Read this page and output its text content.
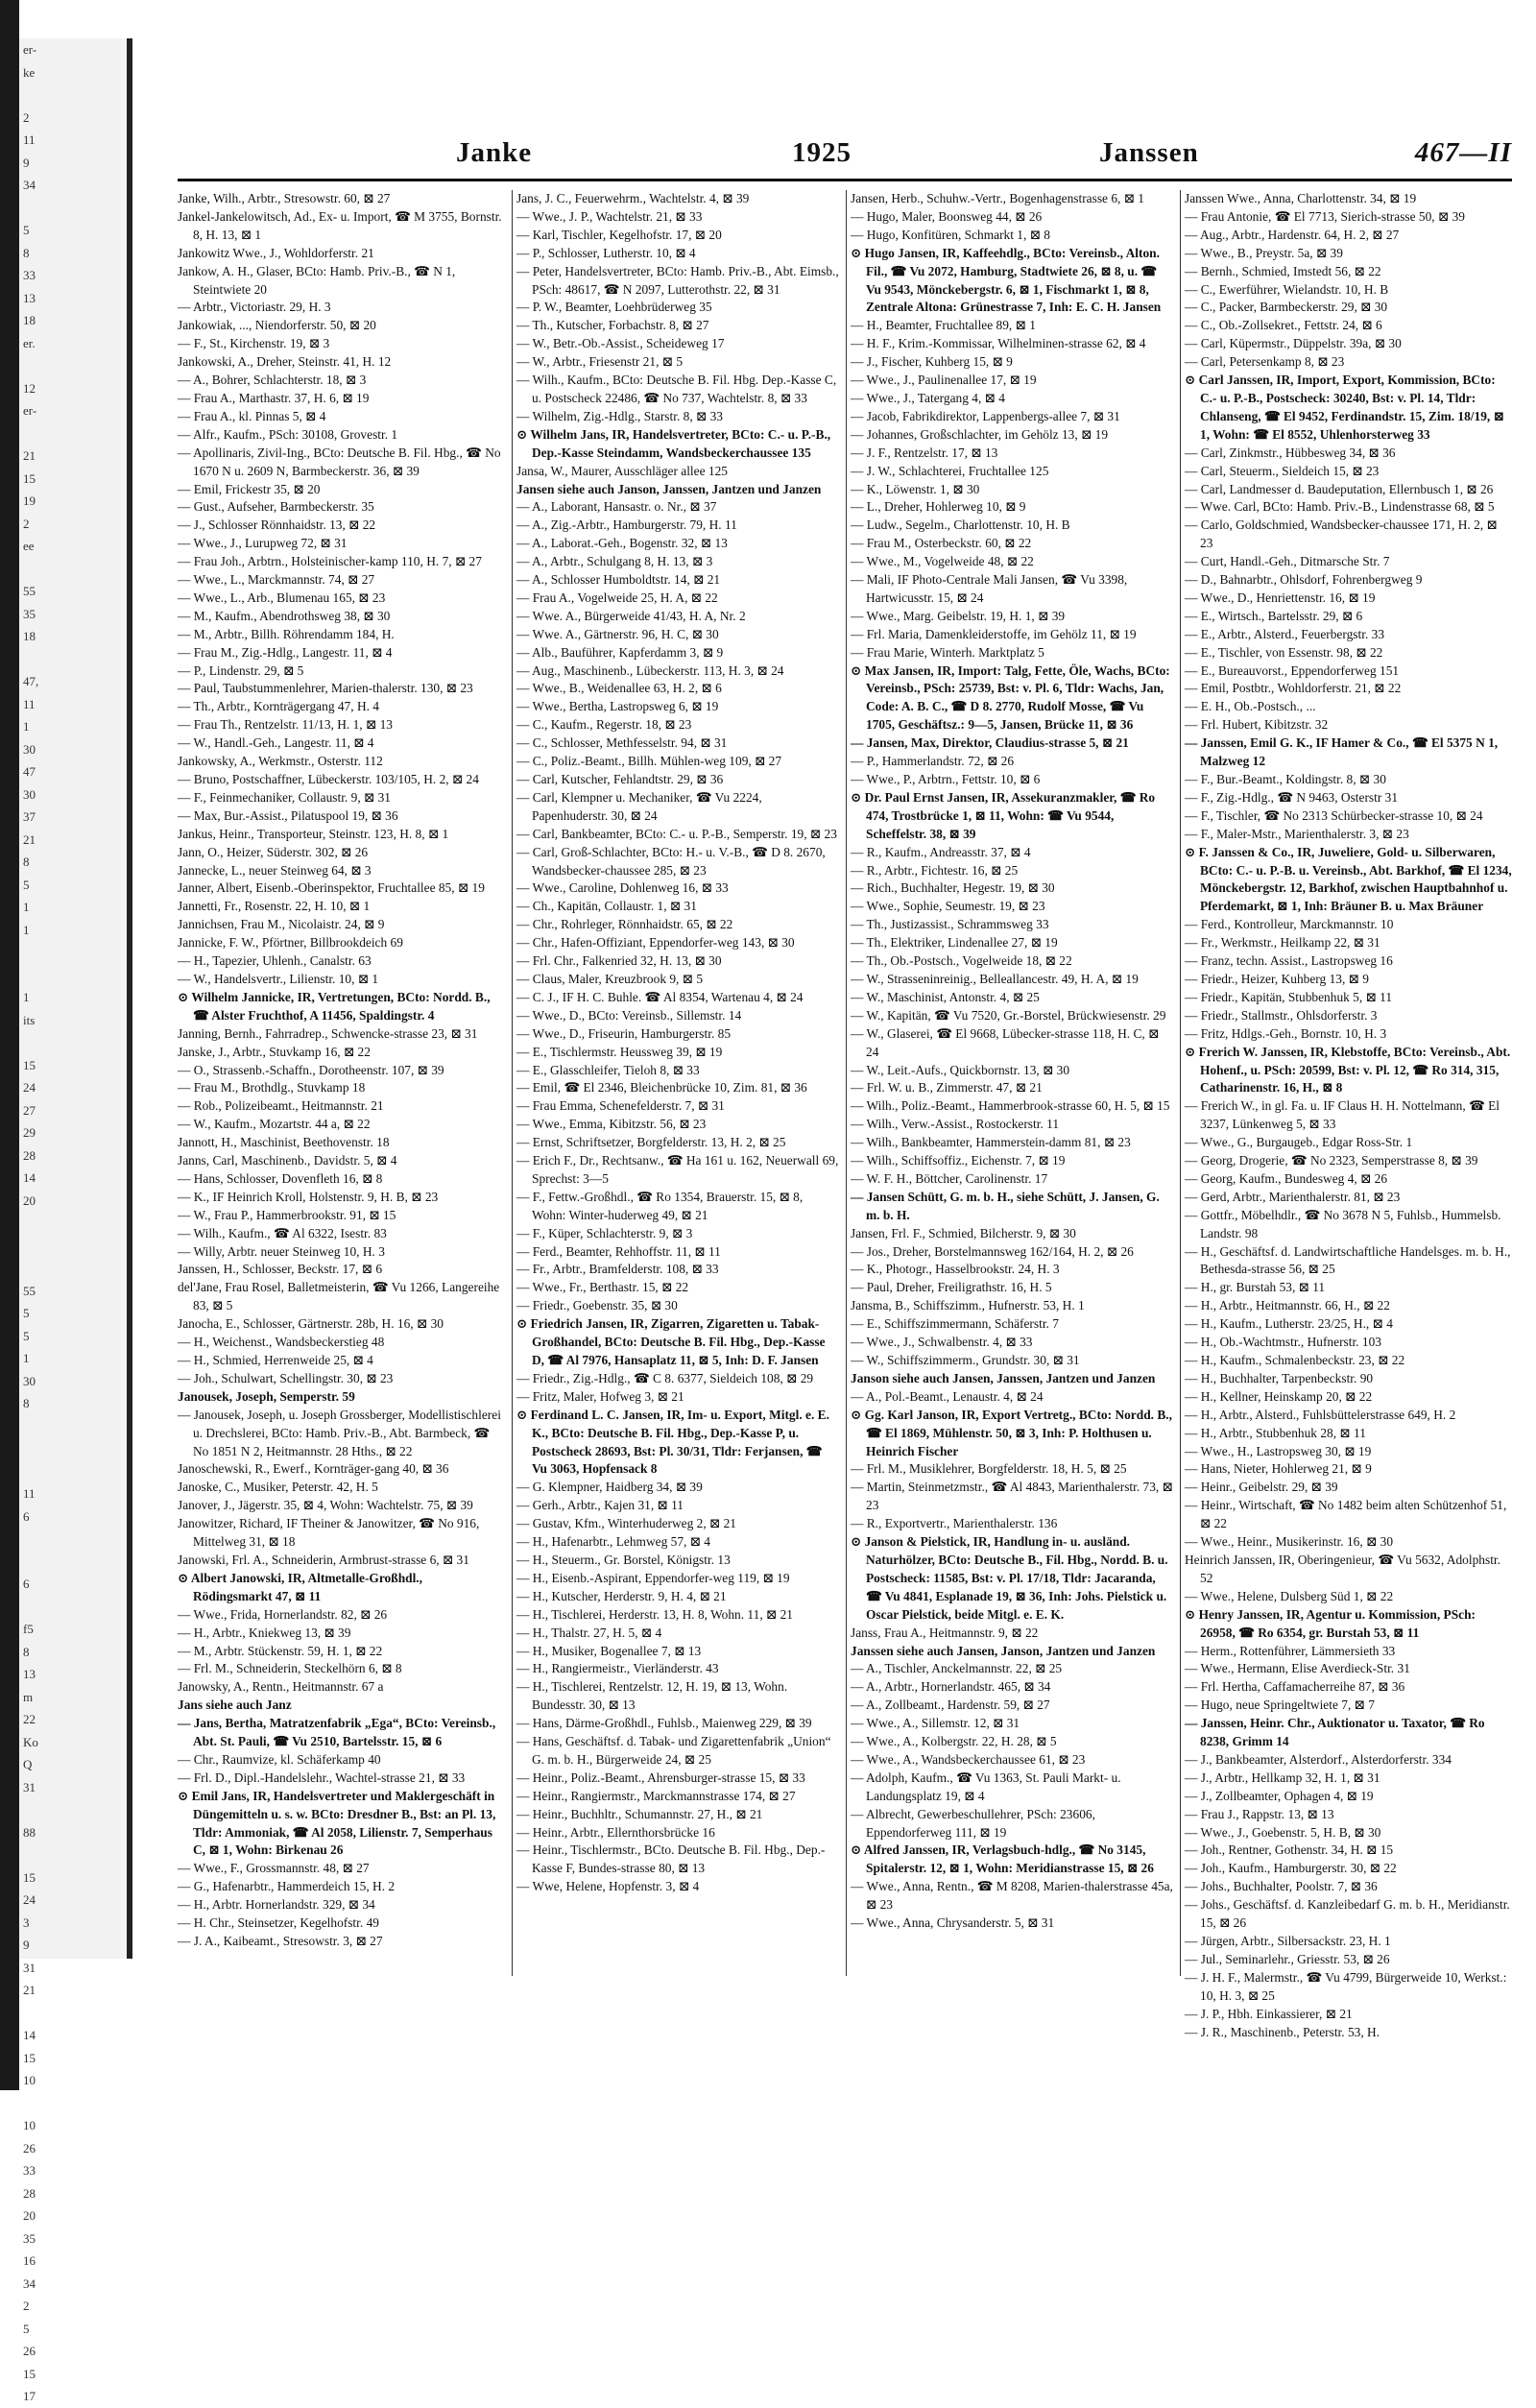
er-
ke

2
11
9
34

5
8
33
13
18
er.

12
er-

21
15
19
2
ee

55
35
18

47,
11
1
30
47
30
37
21
8
5
1
1

1
its

15
24
27
29
28
14
20

55
5
5
1
30
8

11
6

6

f5
8
13
m
22
Ko
Q
31

88

15
24
3
9
31
21

14
15
10

10
26
33
28
20
35
16
34
2
5
26
15
17
Janke	1925	Janssen	467—II

Janke, Wilh., Arbtr., Stresowstr. 60, ⊠ 27

Jankel-Jankelowitsch, Ad., Ex- u. Import, ☎ M 3755, Bornstr. 8, H. 13, ⊠ 1

Jankowitz Wwe., J., Wohldorferstr. 21

Jankow, A. H., Glaser, BCto: Hamb. Priv.-B., ☎ N 1, Steintwiete 20

— Arbtr., Victoriastr. 29, H. 3

Jankowiak, ..., Niendorferstr. 50, ⊠ 20

— F., St., Kirchenstr. 19, ⊠ 3

Jankowski, A., Dreher, Steinstr. 41, H. 12

— A., Bohrer, Schlachterstr. 18, ⊠ 3

— Frau A., Marthastr. 37, H. 6, ⊠ 19

— Frau A., kl. Pinnas 5, ⊠ 4

— Alfr., Kaufm., PSch: 30108, Grovestr. 1

— Apollinaris, Zivil-Ing., BCto: Deutsche B. Fil. Hbg., ☎ No 1670 N u. 2609 N, Barmbeckerstr. 36, ⊠ 39

— Emil, Frickestr 35, ⊠ 20

— Gust., Aufseher, Barmbeckerstr. 35

— J., Schlosser Rönnhaidstr. 13, ⊠ 22

— Wwe., J., Lurupweg 72, ⊠ 31

— Frau Joh., Arbtrn., Holsteinischer-kamp 110, H. 7, ⊠ 27

— Wwe., L., Marckmannstr. 74, ⊠ 27

— Wwe., L., Arb., Blumenau 165, ⊠ 23

— M., Kaufm., Abendrothsweg 38, ⊠ 30

— M., Arbtr., Billh. Röhrendamm 184, H.

— Frau M., Zig.-Hdlg., Langestr. 11, ⊠ 4

— P., Lindenstr. 29, ⊠ 5

— Paul, Taubstummenlehrer, Marien-thalerstr. 130, ⊠ 23

— Th., Arbtr., Kornträgergang 47, H. 4

— Frau Th., Rentzelstr. 11/13, H. 1, ⊠ 13

— W., Handl.-Geh., Langestr. 11, ⊠ 4

Jankowsky, A., Werkmstr., Osterstr. 112

— Bruno, Postschaffner, Lübeckerstr. 103/105, H. 2, ⊠ 24

— F., Feinmechaniker, Collaustr. 9, ⊠ 31

— Max, Bur.-Assist., Pilatuspool 19, ⊠ 36

Jankus, Heinr., Transporteur, Steinstr. 123, H. 8, ⊠ 1

Jann, O., Heizer, Süderstr. 302, ⊠ 26

Jannecke, L., neuer Steinweg 64, ⊠ 3

Janner, Albert, Eisenb.-Oberinspektor, Fruchtallee 85, ⊠ 19

Jannetti, Fr., Rosenstr. 22, H. 10, ⊠ 1

Jannichsen, Frau M., Nicolaistr. 24, ⊠ 9

Jannicke, F. W., Pförtner, Billbrookdeich 69

— H., Tapezier, Uhlenh., Canalstr. 63

— W., Handelsvertr., Lilienstr. 10, ⊠ 1

⊙ Wilhelm Jannicke, IR, Vertretungen, BCto: Nordd. B., ☎ Alster Fruchthof, A 11456, Spaldingstr. 4

Janning, Bernh., Fahrradrep., Schwencke-strasse 23, ⊠ 31

Janske, J., Arbtr., Stuvkamp 16, ⊠ 22

— O., Strassenb.-Schaffn., Dorotheenstr. 107, ⊠ 39

— Frau M., Brothdlg., Stuvkamp 18

— Rob., Polizeibeamt., Heitmannstr. 21

— W., Kaufm., Mozartstr. 44 a, ⊠ 22

Jannott, H., Maschinist, Beethovenstr. 18

Janns, Carl, Maschinenb., Davidstr. 5, ⊠ 4

— Hans, Schlosser, Dovenfleth 16, ⊠ 8

— K., IF Heinrich Kroll, Holstenstr. 9, H. B, ⊠ 23

— W., Frau P., Hammerbrookstr. 91, ⊠ 15

— Wilh., Kaufm., ☎ Al 6322, Isestr. 83

— Willy, Arbtr. neuer Steinweg 10, H. 3

Janssen, H., Schlosser, Beckstr. 17, ⊠ 6

del'Jane, Frau Rosel, Balletmeisterin, ☎ Vu 1266, Langereihe 83, ⊠ 5

Janocha, E., Schlosser, Gärtnerstr. 28b, H. 16, ⊠ 30

— H., Weichenst., Wandsbeckerstieg 48

— H., Schmied, Herrenweide 25, ⊠ 4

— Joh., Schulwart, Schellingstr. 30, ⊠ 23

Janousek, Joseph, Semperstr. 59

— Janousek, Joseph, u. Joseph Grossberger, Modellistischlerei u. Drechslerei, BCto: Hamb. Priv.-B., Abt. Barmbeck, ☎ No 1851 N 2, Heitmannstr. 28 Hths., ⊠ 22

Janoschewski, R., Ewerf., Kornträger-gang 40, ⊠ 36

Janoske, C., Musiker, Peterstr. 42, H. 5

Janover, J., Jägerstr. 35, ⊠ 4, Wohn: Wachtelstr. 75, ⊠ 39

Janowitzer, Richard, IF Theiner & Janowitzer, ☎ No 916, Mittelweg 31, ⊠ 18

Janowski, Frl. A., Schneiderin, Armbrust-strasse 6, ⊠ 31

⊙ Albert Janowski, IR, Altmetalle-Großhdl., Rödingsmarkt 47, ⊠ 11

— Wwe., Frida, Hornerlandstr. 82, ⊠ 26

— H., Arbtr., Kniekweg 13, ⊠ 39

— M., Arbtr. Stückenstr. 59, H. 1, ⊠ 22

— Frl. M., Schneiderin, Steckelhörn 6, ⊠ 8

Janowsky, A., Rentn., Heitmannstr. 67 a

Jans siehe auch Janz

— Jans, Bertha, Matratzenfabrik „Ega“, BCto: Vereinsb., Abt. St. Pauli, ☎ Vu 2510, Bartelsstr. 15, ⊠ 6

— Chr., Raumvize, kl. Schäferkamp 40

— Frl. D., Dipl.-Handelslehr., Wachtel-strasse 21, ⊠ 33

⊙ Emil Jans, IR, Handelsvertreter und Maklergeschäft in Düngemitteln u. s. w. BCto: Dresdner B., Bst: an Pl. 13, Tldr: Ammoniak, ☎ Al 2058, Lilienstr. 7, Semperhaus C, ⊠ 1, Wohn: Birkenau 26

— Wwe., F., Grossmannstr. 48, ⊠ 27

— G., Hafenarbtr., Hammerdeich 15, H. 2

— H., Arbtr. Hornerlandstr. 329, ⊠ 34

— H. Chr., Steinsetzer, Kegelhofstr. 49

— J. A., Kaibeamt., Stresowstr. 3, ⊠ 27

Jans, J. C., Feuerwehrm., Wachtelstr. 4, ⊠ 39

— Wwe., J. P., Wachtelstr. 21, ⊠ 33

— Karl, Tischler, Kegelhofstr. 17, ⊠ 20

— P., Schlosser, Lutherstr. 10, ⊠ 4

— Peter, Handelsvertreter, BCto: Hamb. Priv.-B., Abt. Eimsb., PSch: 48617, ☎ N 2097, Lutterothstr. 22, ⊠ 31

— P. W., Beamter, Loehbrüderweg 35

— Th., Kutscher, Forbachstr. 8, ⊠ 27

— W., Betr.-Ob.-Assist., Scheideweg 17

— W., Arbtr., Friesenstr 21, ⊠ 5

— Wilh., Kaufm., BCto: Deutsche B. Fil. Hbg. Dep.-Kasse C, u. Postscheck 22486, ☎ No 737, Wachtelstr. 8, ⊠ 33

— Wilhelm, Zig.-Hdlg., Starstr. 8, ⊠ 33

⊙ Wilhelm Jans, IR, Handelsvertreter, BCto: C.- u. P.-B., Dep.-Kasse Steindamm, Wandsbeckerchaussee 135

Jansa, W., Maurer, Ausschläger allee 125

Jansen siehe auch Janson, Janssen, Jantzen und Janzen

— A., Laborant, Hansastr. o. Nr., ⊠ 37

— A., Zig.-Arbtr., Hamburgerstr. 79, H. 11

— A., Laborat.-Geh., Bogenstr. 32, ⊠ 13

— A., Arbtr., Schulgang 8, H. 13, ⊠ 3

— A., Schlosser Humboldtstr. 14, ⊠ 21

— Frau A., Vogelweide 25, H. A, ⊠ 22

— Wwe. A., Bürgerweide 41/43, H. A, Nr. 2

— Wwe. A., Gärtnerstr. 96, H. C, ⊠ 30

— Alb., Bauführer, Kapferdamm 3, ⊠ 9

— Aug., Maschinenb., Lübeckerstr. 113, H. 3, ⊠ 24

— Wwe., B., Weidenallee 63, H. 2, ⊠ 6

— Wwe., Bertha, Lastropsweg 6, ⊠ 19

— C., Kaufm., Regerstr. 18, ⊠ 23

— C., Schlosser, Methfesselstr. 94, ⊠ 31

— C., Poliz.-Beamt., Billh. Mühlen-weg 109, ⊠ 27

— Carl, Kutscher, Fehlandtstr. 29, ⊠ 36

— Carl, Klempner u. Mechaniker, ☎ Vu 2224, Papenhuderstr. 30, ⊠ 24

— Carl, Bankbeamter, BCto: C.- u. P.-B., Semperstr. 19, ⊠ 23

— Carl, Groß-Schlachter, BCto: H.- u. V.-B., ☎ D 8. 2670, Wandsbecker-chaussee 285, ⊠ 23

— Wwe., Caroline, Dohlenweg 16, ⊠ 33

— Ch., Kapitän, Collaustr. 1, ⊠ 31

— Chr., Rohrleger, Rönnhaidstr. 65, ⊠ 22

— Chr., Hafen-Offiziant, Eppendorfer-weg 143, ⊠ 30

— Frl. Chr., Falkenried 32, H. 13, ⊠ 30

— Claus, Maler, Kreuzbrook 9, ⊠ 5

— C. J., IF H. C. Buhle. ☎ Al 8354, Wartenau 4, ⊠ 24

— Wwe., D., BCto: Vereinsb., Sillemstr. 14

— Wwe., D., Friseurin, Hamburgerstr. 85

— E., Tischlermstr. Heussweg 39, ⊠ 19

— E., Glasschleifer, Tieloh 8, ⊠ 33

— Emil, ☎ El 2346, Bleichenbrücke 10, Zim. 81, ⊠ 36

— Frau Emma, Schenefelderstr. 7, ⊠ 31

— Wwe., Emma, Kibitzstr. 56, ⊠ 23

— Ernst, Schriftsetzer, Borgfelderstr. 13, H. 2, ⊠ 25

— Erich F., Dr., Rechtsanw., ☎ Ha 161 u. 162, Neuerwall 69, Sprechst: 3—5

— F., Fettw.-Großhdl., ☎ Ro 1354, Brauerstr. 15, ⊠ 8, Wohn: Winter-huderweg 49, ⊠ 21

— F., Küper, Schlachterstr. 9, ⊠ 3

— Ferd., Beamter, Rehhoffstr. 11, ⊠ 11

— Fr., Arbtr., Bramfelderstr. 108, ⊠ 33

— Wwe., Fr., Berthastr. 15, ⊠ 22

— Friedr., Goebenstr. 35, ⊠ 30

⊙ Friedrich Jansen, IR, Zigarren, Zigaretten u. Tabak-Großhandel, BCto: Deutsche B. Fil. Hbg., Dep.-Kasse D, ☎ Al 7976, Hansaplatz 11, ⊠ 5, Inh: D. F. Jansen

— Friedr., Zig.-Hdlg., ☎ C 8. 6377, Sieldeich 108, ⊠ 29

— Fritz, Maler, Hofweg 3, ⊠ 21

⊙ Ferdinand L. C. Jansen, IR, Im- u. Export, Mitgl. e. E. K., BCto: Deutsche B. Fil. Hbg., Dep.-Kasse P, u. Postscheck 28693, Bst: Pl. 30/31, Tldr: Ferjansen, ☎ Vu 3063, Hopfensack 8

— G. Klempner, Haidberg 34, ⊠ 39

— Gerh., Arbtr., Kajen 31, ⊠ 11

— Gustav, Kfm., Winterhuderweg 2, ⊠ 21

— H., Hafenarbtr., Lehmweg 57, ⊠ 4

— H., Steuerm., Gr. Borstel, Königstr. 13

— H., Eisenb.-Aspirant, Eppendorfer-weg 119, ⊠ 19

— H., Kutscher, Herderstr. 9, H. 4, ⊠ 21

— H., Tischlerei, Herderstr. 13, H. 8, Wohn. 11, ⊠ 21

— H., Thalstr. 27, H. 5, ⊠ 4

— H., Musiker, Bogenallee 7, ⊠ 13

— H., Rangiermeistr., Vierländerstr. 43

— H., Tischlerei, Rentzelstr. 12, H. 19, ⊠ 13, Wohn. Bundesstr. 30, ⊠ 13

— Hans, Därme-Großhdl., Fuhlsb., Maienweg 229, ⊠ 39

— Hans, Geschäftsf. d. Tabak- und Zigarettenfabrik „Union“ G. m. b. H., Bürgerweide 24, ⊠ 25

— Heinr., Poliz.-Beamt., Ahrensburger-strasse 15, ⊠ 33

— Heinr., Rangiermstr., Marckmannstrasse 174, ⊠ 27

— Heinr., Buchhltr., Schumannstr. 27, H., ⊠ 21

— Heinr., Arbtr., Ellernthorsbrücke 16

— Heinr., Tischlermstr., BCto. Deutsche B. Fil. Hbg., Dep.-Kasse F, Bundes-strasse 80, ⊠ 13

— Wwe, Helene, Hopfenstr. 3, ⊠ 4

Jansen, Herb., Schuhw.-Vertr., Bogenhagenstrasse 6, ⊠ 1

— Hugo, Maler, Boonsweg 44, ⊠ 26

— Hugo, Konfitüren, Schmarkt 1, ⊠ 8

⊙ Hugo Jansen, IR, Kaffeehdlg., BCto: Vereinsb., Alton. Fil., ☎ Vu 2072, Hamburg, Stadtwiete 26, ⊠ 8, u. ☎ Vu 9543, Mönckebergstr. 6, ⊠ 1, Fischmarkt 1, ⊠ 8, Zentrale Altona: Grünestrasse 7, Inh: E. C. H. Jansen

— H., Beamter, Fruchtallee 89, ⊠ 1

— H. F., Krim.-Kommissar, Wilhelminen-strasse 62, ⊠ 4

— J., Fischer, Kuhberg 15, ⊠ 9

— Wwe., J., Paulinenallee 17, ⊠ 19

— Wwe., J., Tatergang 4, ⊠ 4

— Jacob, Fabrikdirektor, Lappenbergs-allee 7, ⊠ 31

— Johannes, Großschlachter, im Gehölz 13, ⊠ 19

— J. F., Rentzelstr. 17, ⊠ 13

— J. W., Schlachterei, Fruchtallee 125

— K., Löwenstr. 1, ⊠ 30

— L., Dreher, Hohlerweg 10, ⊠ 9

— Ludw., Segelm., Charlottenstr. 10, H. B

— Frau M., Osterbeckstr. 60, ⊠ 22

— Wwe., M., Vogelweide 48, ⊠ 22

— Mali, IF Photo-Centrale Mali Jansen, ☎ Vu 3398, Hartwicusstr. 15, ⊠ 24

— Wwe., Marg. Geibelstr. 19, H. 1, ⊠ 39

— Frl. Maria, Damenkleiderstoffe, im Gehölz 11, ⊠ 19

— Frau Marie, Winterh. Marktplatz 5

⊙ Max Jansen, IR, Import: Talg, Fette, Öle, Wachs, BCto: Vereinsb., PSch: 25739, Bst: v. Pl. 6, Tldr: Wachs, Jan, Code: A. B. C., ☎ D 8. 2770, Rudolf Mosse, ☎ Vu 1705, Geschäftsz.: 9—5, Jansen, Brücke 11, ⊠ 36

— Jansen, Max, Direktor, Claudius-strasse 5, ⊠ 21

— P., Hammerlandstr. 72, ⊠ 26

— Wwe., P., Arbtrn., Fettstr. 10, ⊠ 6

⊙ Dr. Paul Ernst Jansen, IR, Assekuranzmakler, ☎ Ro 474, Trostbrücke 1, ⊠ 11, Wohn: ☎ Vu 9544, Scheffelstr. 38, ⊠ 39

— R., Kaufm., Andreasstr. 37, ⊠ 4

— R., Arbtr., Fichtestr. 16, ⊠ 25

— Rich., Buchhalter, Hegestr. 19, ⊠ 30

— Wwe., Sophie, Seumestr. 19, ⊠ 23

— Th., Justizassist., Schrammsweg 33

— Th., Elektriker, Lindenallee 27, ⊠ 19

— Th., Ob.-Postsch., Vogelweide 18, ⊠ 22

— W., Strasseninreinig., Belleallancestr. 49, H. A, ⊠ 19

— W., Maschinist, Antonstr. 4, ⊠ 25

— W., Kapitän, ☎ Vu 7520, Gr.-Borstel, Brückwiesenstr. 29

— W., Glaserei, ☎ El 9668, Lübecker-strasse 118, H. C, ⊠ 24

— W., Leit.-Aufs., Quickbornstr. 13, ⊠ 30

— Frl. W. u. B., Zimmerstr. 47, ⊠ 21

— Wilh., Poliz.-Beamt., Hammerbrook-strasse 60, H. 5, ⊠ 15

— Wilh., Verw.-Assist., Rostockerstr. 11

— Wilh., Bankbeamter, Hammerstein-damm 81, ⊠ 23

— Wilh., Schiffsoffiz., Eichenstr. 7, ⊠ 19

— W. F. H., Böttcher, Carolinenstr. 17

— Jansen Schütt, G. m. b. H., siehe Schütt, J. Jansen, G. m. b. H.

Jansen, Frl. F., Schmied, Bilcherstr. 9, ⊠ 30

— Jos., Dreher, Borstelmannsweg 162/164, H. 2, ⊠ 26

— K., Photogr., Hasselbrookstr. 24, H. 3

— Paul, Dreher, Freiligrathstr. 16, H. 5

Jansma, B., Schiffszimm., Hufnerstr. 53, H. 1

— E., Schiffszimmermann, Schäferstr. 7

— Wwe., J., Schwalbenstr. 4, ⊠ 33

— W., Schiffszimmerm., Grundstr. 30, ⊠ 31

Janson siehe auch Jansen, Janssen, Jantzen und Janzen

— A., Pol.-Beamt., Lenaustr. 4, ⊠ 24

⊙ Gg. Karl Janson, IR, Export Vertretg., BCto: Nordd. B., ☎ El 1869, Mühlenstr. 50, ⊠ 3, Inh: P. Holthusen u. Heinrich Fischer

— Frl. M., Musiklehrer, Borgfelderstr. 18, H. 5, ⊠ 25

— Martin, Steinmetzmstr., ☎ Al 4843, Marienthalerstr. 73, ⊠ 23

— R., Exportvertr., Marienthalerstr. 136

⊙ Janson & Pielstick, IR, Handlung in- u. ausländ. Naturhölzer, BCto: Deutsche B., Fil. Hbg., Nordd. B. u. Postscheck: 11585, Bst: v. Pl. 17/18, Tldr: Jacaranda, ☎ Vu 4841, Esplanade 19, ⊠ 36, Inh: Johs. Pielstick u. Oscar Pielstick, beide Mitgl. e. E. K.

Janss, Frau A., Heitmannstr. 9, ⊠ 22

Janssen siehe auch Jansen, Janson, Jantzen und Janzen

— A., Tischler, Anckelmannstr. 22, ⊠ 25

— A., Arbtr., Hornerlandstr. 465, ⊠ 34

— A., Zollbeamt., Hardenstr. 59, ⊠ 27

— Wwe., A., Sillemstr. 12, ⊠ 31

— Wwe., A., Kolbergstr. 22, H. 28, ⊠ 5

— Wwe., A., Wandsbeckerchaussee 61, ⊠ 23

— Adolph, Kaufm., ☎ Vu 1363, St. Pauli Markt- u. Landungsplatz 19, ⊠ 4

— Albrecht, Gewerbeschullehrer, PSch: 23606, Eppendorferweg 111, ⊠ 19

⊙ Alfred Janssen, IR, Verlagsbuch-hdlg., ☎ No 3145, Spitalerstr. 12, ⊠ 1, Wohn: Meridianstrasse 15, ⊠ 26

— Wwe., Anna, Rentn., ☎ M 8208, Marien-thalerstrasse 45a, ⊠ 23

— Wwe., Anna, Chrysanderstr. 5, ⊠ 31

Janssen Wwe., Anna, Charlottenstr. 34, ⊠ 19

— Frau Antonie, ☎ El 7713, Sierich-strasse 50, ⊠ 39

— Aug., Arbtr., Hardenstr. 64, H. 2, ⊠ 27

— Wwe., B., Preystr. 5a, ⊠ 39

— Bernh., Schmied, Imstedt 56, ⊠ 22

— C., Ewerführer, Wielandstr. 10, H. B

— C., Packer, Barmbeckerstr. 29, ⊠ 30

— C., Ob.-Zollsekret., Fettstr. 24, ⊠ 6

— Carl, Küpermstr., Düppelstr. 39a, ⊠ 30

— Carl, Petersenkamp 8, ⊠ 23

⊙ Carl Janssen, IR, Import, Export, Kommission, BCto: C.- u. P.-B., Postscheck: 30240, Bst: v. Pl. 14, Tldr: Chlanseng, ☎ El 9452, Ferdinandstr. 15, Zim. 18/19, ⊠ 1, Wohn: ☎ El 8552, Uhlenhorsterweg 33

— Carl, Zinkmstr., Hübbesweg 34, ⊠ 36

— Carl, Steuerm., Sieldeich 15, ⊠ 23

— Carl, Landmesser d. Baudeputation, Ellernbusch 1, ⊠ 26

— Wwe. Carl, BCto: Hamb. Priv.-B., Lindenstrasse 68, ⊠ 5

— Carlo, Goldschmied, Wandsbecker-chaussee 171, H. 2, ⊠ 23

— Curt, Handl.-Geh., Ditmarsche Str. 7

— D., Bahnarbtr., Ohlsdorf, Fohrenbergweg 9

— Wwe., D., Henriettenstr. 16, ⊠ 19

— E., Wirtsch., Bartelsstr. 29, ⊠ 6

— E., Arbtr., Alsterd., Feuerbergstr. 33

— E., Tischler, von Essenstr. 98, ⊠ 22

— E., Bureauvorst., Eppendorferweg 151

— Emil, Postbtr., Wohldorferstr. 21, ⊠ 22

— E. H., Ob.-Postsch., ...

— Frl. Hubert, Kibitzstr. 32

— Janssen, Emil G. K., IF Hamer & Co., ☎ El 5375 N 1, Malzweg 12

— F., Bur.-Beamt., Koldingstr. 8, ⊠ 30

— F., Zig.-Hdlg., ☎ N 9463, Osterstr 31

— F., Tischler, ☎ No 2313 Schürbecker-strasse 10, ⊠ 24

— F., Maler-Mstr., Marienthalerstr. 3, ⊠ 23

⊙ F. Janssen & Co., IR, Juweliere, Gold- u. Silberwaren, BCto: C.- u. P.-B. u. Vereinsb., Abt. Barkhof, ☎ El 1234, Mönckebergstr. 12, Barkhof, zwischen Hauptbahnhof u. Pferdemarkt, ⊠ 1, Inh: Bräuner B. u. Max Bräuner

— Ferd., Kontrolleur, Marckmannstr. 10

— Fr., Werkmstr., Heilkamp 22, ⊠ 31

— Franz, techn. Assist., Lastropsweg 16

— Friedr., Heizer, Kuhberg 13, ⊠ 9

— Friedr., Kapitän, Stubbenhuk 5, ⊠ 11

— Friedr., Stallmstr., Ohlsdorferstr. 3

— Fritz, Hdlgs.-Geh., Bornstr. 10, H. 3

⊙ Frerich W. Janssen, IR, Klebstoffe, BCto: Vereinsb., Abt. Hohenf., u. PSch: 20599, Bst: v. Pl. 12, ☎ Ro 314, 315, Catharinenstr. 16, H., ⊠ 8

— Frerich W., in gl. Fa. u. IF Claus H. H. Nottelmann, ☎ El 3237, Lünkenweg 5, ⊠ 33

— Wwe., G., Burgaugeb., Edgar Ross-Str. 1

— Georg, Drogerie, ☎ No 2323, Semperstrasse 8, ⊠ 39

— Georg, Kaufm., Bundesweg 4, ⊠ 26

— Gerd, Arbtr., Marienthalerstr. 81, ⊠ 23

— Gottfr., Möbelhdlr., ☎ No 3678 N 5, Fuhlsb., Hummelsb. Landstr. 98

— H., Geschäftsf. d. Landwirtschaftliche Handelsges. m. b. H., Bethesda-strasse 56, ⊠ 25

— H., gr. Burstah 53, ⊠ 11

— H., Arbtr., Heitmannstr. 66, H., ⊠ 22

— H., Kaufm., Lutherstr. 23/25, H., ⊠ 4

— H., Ob.-Wachtmstr., Hufnerstr. 103

— H., Kaufm., Schmalenbeckstr. 23, ⊠ 22

— H., Buchhalter, Tarpenbeckstr. 90

— H., Kellner, Heinskamp 20, ⊠ 22

— H., Arbtr., Alsterd., Fuhlsbüttelerstrasse 649, H. 2

— H., Arbtr., Stubbenhuk 28, ⊠ 11

— Wwe., H., Lastropsweg 30, ⊠ 19

— Hans, Nieter, Hohlerweg 21, ⊠ 9

— Heinr., Geibelstr. 29, ⊠ 39

— Heinr., Wirtschaft, ☎ No 1482 beim alten Schützenhof 51, ⊠ 22

— Wwe., Heinr., Musikerinstr. 16, ⊠ 30

Heinrich Janssen, IR, Oberingenieur, ☎ Vu 5632, Adolphstr. 52

— Wwe., Helene, Dulsberg Süd 1, ⊠ 22

⊙ Henry Janssen, IR, Agentur u. Kommission, PSch: 26958, ☎ Ro 6354, gr. Burstah 53, ⊠ 11

— Herm., Rottenführer, Lämmersieth 33

— Wwe., Hermann, Elise Averdieck-Str. 31

— Frl. Hertha, Caffamacherreihe 87, ⊠ 36

— Hugo, neue Springeltwiete 7, ⊠ 7

— Janssen, Heinr. Chr., Auktionator u. Taxator, ☎ Ro 8238, Grimm 14

— J., Bankbeamter, Alsterdorf., Alsterdorferstr. 334

— J., Arbtr., Hellkamp 32, H. 1, ⊠ 31

— J., Zollbeamter, Ophagen 4, ⊠ 19

— Frau J., Rappstr. 13, ⊠ 13

— Wwe., J., Goebenstr. 5, H. B, ⊠ 30

— Joh., Rentner, Gothenstr. 34, H. ⊠ 15

— Joh., Kaufm., Hamburgerstr. 30, ⊠ 22

— Johs., Buchhalter, Poolstr. 7, ⊠ 36

— Johs., Geschäftsf. d. Kanzleibedarf G. m. b. H., Meridianstr. 15, ⊠ 26

— Jürgen, Arbtr., Silbersackstr. 23, H. 1

— Jul., Seminarlehr., Griesstr. 53, ⊠ 26

— J. H. F., Malermstr., ☎ Vu 4799, Bürgerweide 10, Werkst.: 10, H. 3, ⊠ 25

— J. P., Hbh. Einkassierer, ⊠ 21

— J. R., Maschinenb., Peterstr. 53, H.
